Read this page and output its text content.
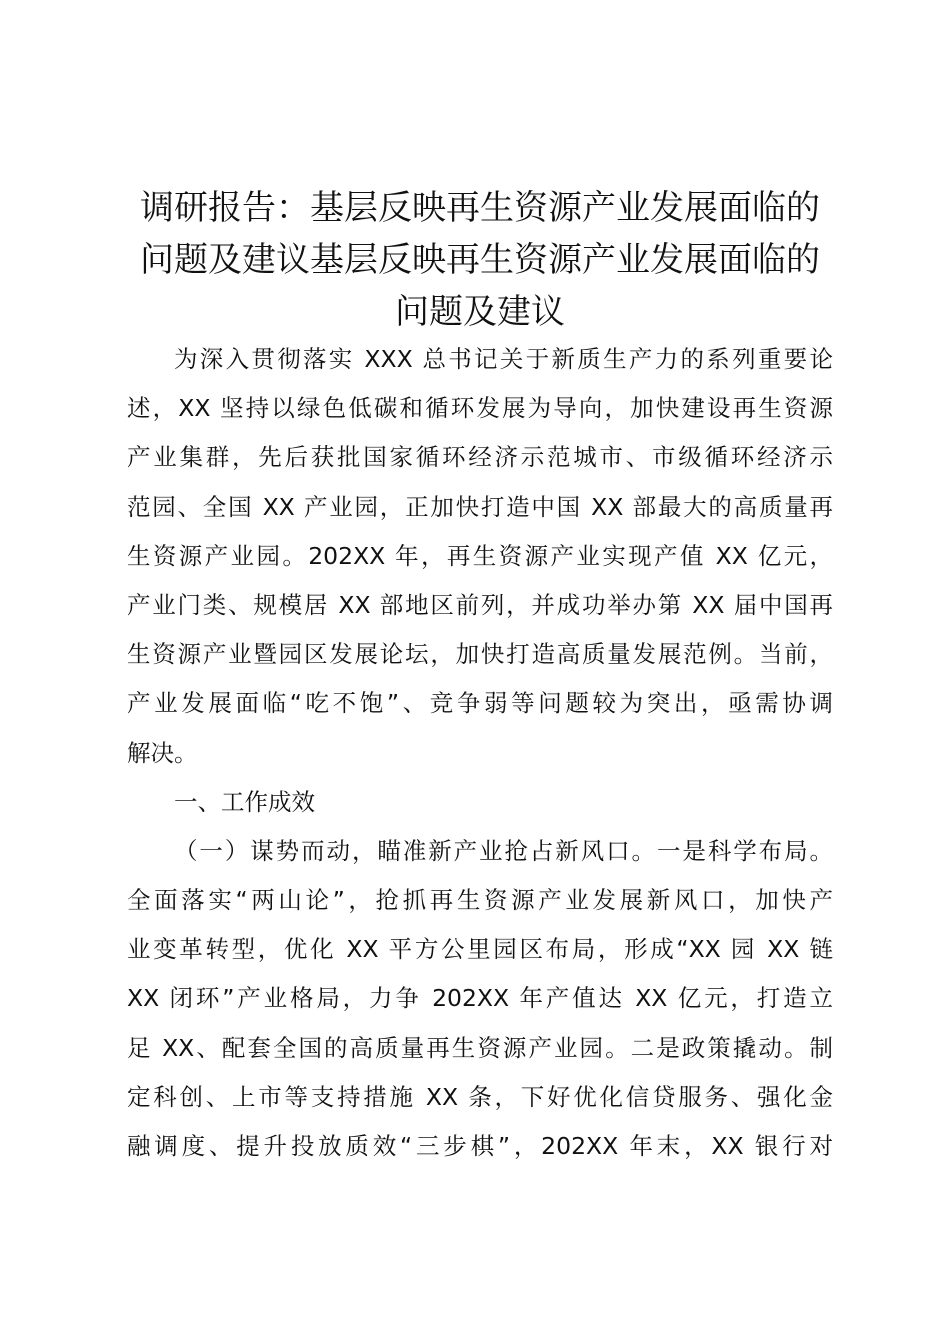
调研报告：基层反映再生资源产业发展面临的
问题及建议基层反映再生资源产业发展面临的
问题及建议
为深入贯彻落实 XXX 总书记关于新质生产力的系列重要论
述，XX 坚持以绿色低碳和循环发展为导向，加快建设再生资源
产业集群，先后获批国家循环经济示范城市、市级循环经济示
范园、全国 XX 产业园，正加快打造中国 XX 部最大的高质量再
生资源产业园。202XX 年，再生资源产业实现产值 XX 亿元，
产业门类、规模居 XX 部地区前列，并成功举办第 XX 届中国再
生资源产业暨园区发展论坛，加快打造高质量发展范例。当前，
产业发展面临“吃不饱”、竞争弱等问题较为突出，亟需协调
解决。
一、工作成效
（一）谋势而动，瞄准新产业抢占新风口。一是科学布局。
全面落实“两山论”，抢抓再生资源产业发展新风口，加快产
业变革转型，优化 XX 平方公里园区布局，形成“XX 园 XX 链
XX 闭环”产业格局，力争 202XX 年产值达 XX 亿元，打造立
足 XX、配套全国的高质量再生资源产业园。二是政策撬动。制
定科创、上市等支持措施 XX 条，下好优化信贷服务、强化金
融调度、提升投放质效“三步棋”，202XX 年末，XX 银行对
